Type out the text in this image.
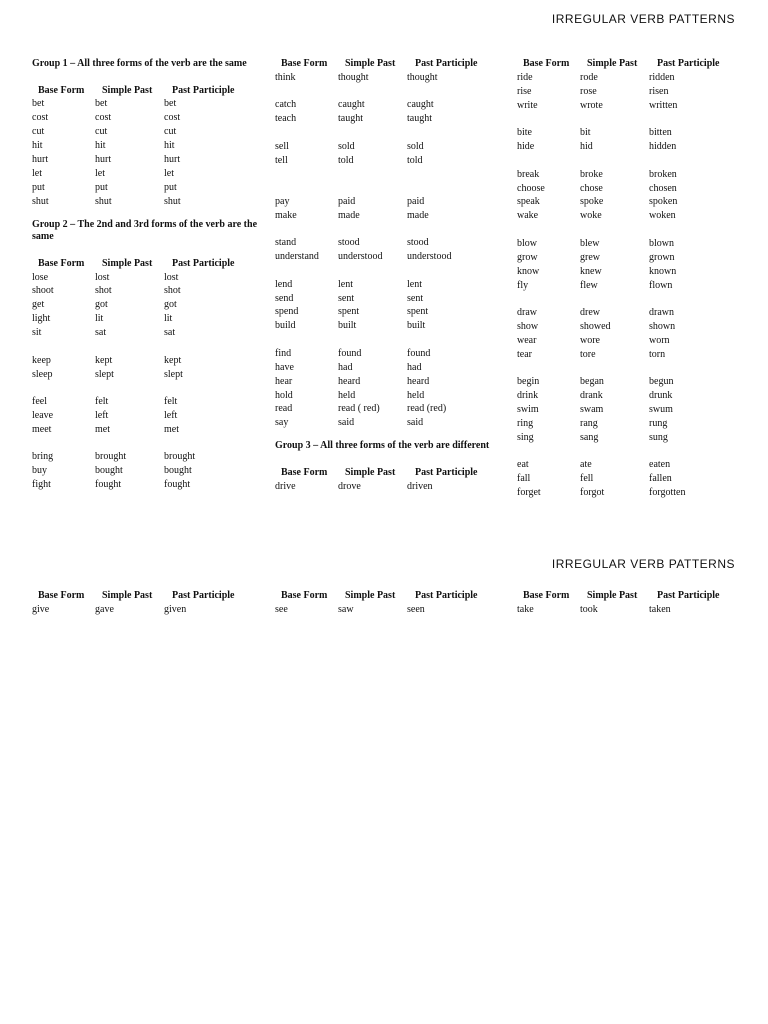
IRREGULAR VERB PATTERNS
Group 1 – All three forms of the verb are the same
Base Form	Simple Past	Past Participle
bet	bet	bet
cost	cost	cost
cut	cut	cut
hit	hit	hit
hurt	hurt	hurt
let	let	let
put	put	put
shut	shut	shut
Group 2 – The 2nd and 3rd forms of the verb are the same
Base Form	Simple Past	Past Participle
lose	lost	lost
shoot	shot	shot
get	got	got
light	lit	lit
sit	sat	sat
keep	kept	kept
sleep	slept	slept
feel	felt	felt
leave	left	left
meet	met	met
bring	brought	brought
buy	bought	bought
fight	fought	fought
Base Form	Simple Past	Past Participle
think	thought	thought
catch	caught	caught
teach	taught	taught
sell	sold	sold
tell	told	told
pay	paid	paid
make	made	made
stand	stood	stood
understand	understood	understood
lend	lent	lent
send	sent	sent
spend	spent	spent
build	built	built
find	found	found
have	had	had
hear	heard	heard
hold	held	held
read	read ( red)	read (red)
say	said	said
Group 3 – All three forms of the verb are different
Base Form	Simple Past	Past Participle
drive	drove	driven
Base Form	Simple Past	Past Participle
ride	rode	ridden
rise	rose	risen
write	wrote	written
bite	bit	bitten
hide	hid	hidden
break	broke	broken
choose	chose	chosen
speak	spoke	spoken
wake	woke	woken
blow	blew	blown
grow	grew	grown
know	knew	known
fly	flew	flown
draw	drew	drawn
show	showed	shown
wear	wore	worn
tear	tore	torn
begin	began	begun
drink	drank	drunk
swim	swam	swum
ring	rang	rung
sing	sang	sung
eat	ate	eaten
fall	fell	fallen
forget	forgot	forgotten
IRREGULAR VERB PATTERNS
Base Form	Simple Past	Past Participle
give	gave	given
Base Form	Simple Past	Past Participle
see	saw	seen
Base Form	Simple Past	Past Participle
take	took	taken
